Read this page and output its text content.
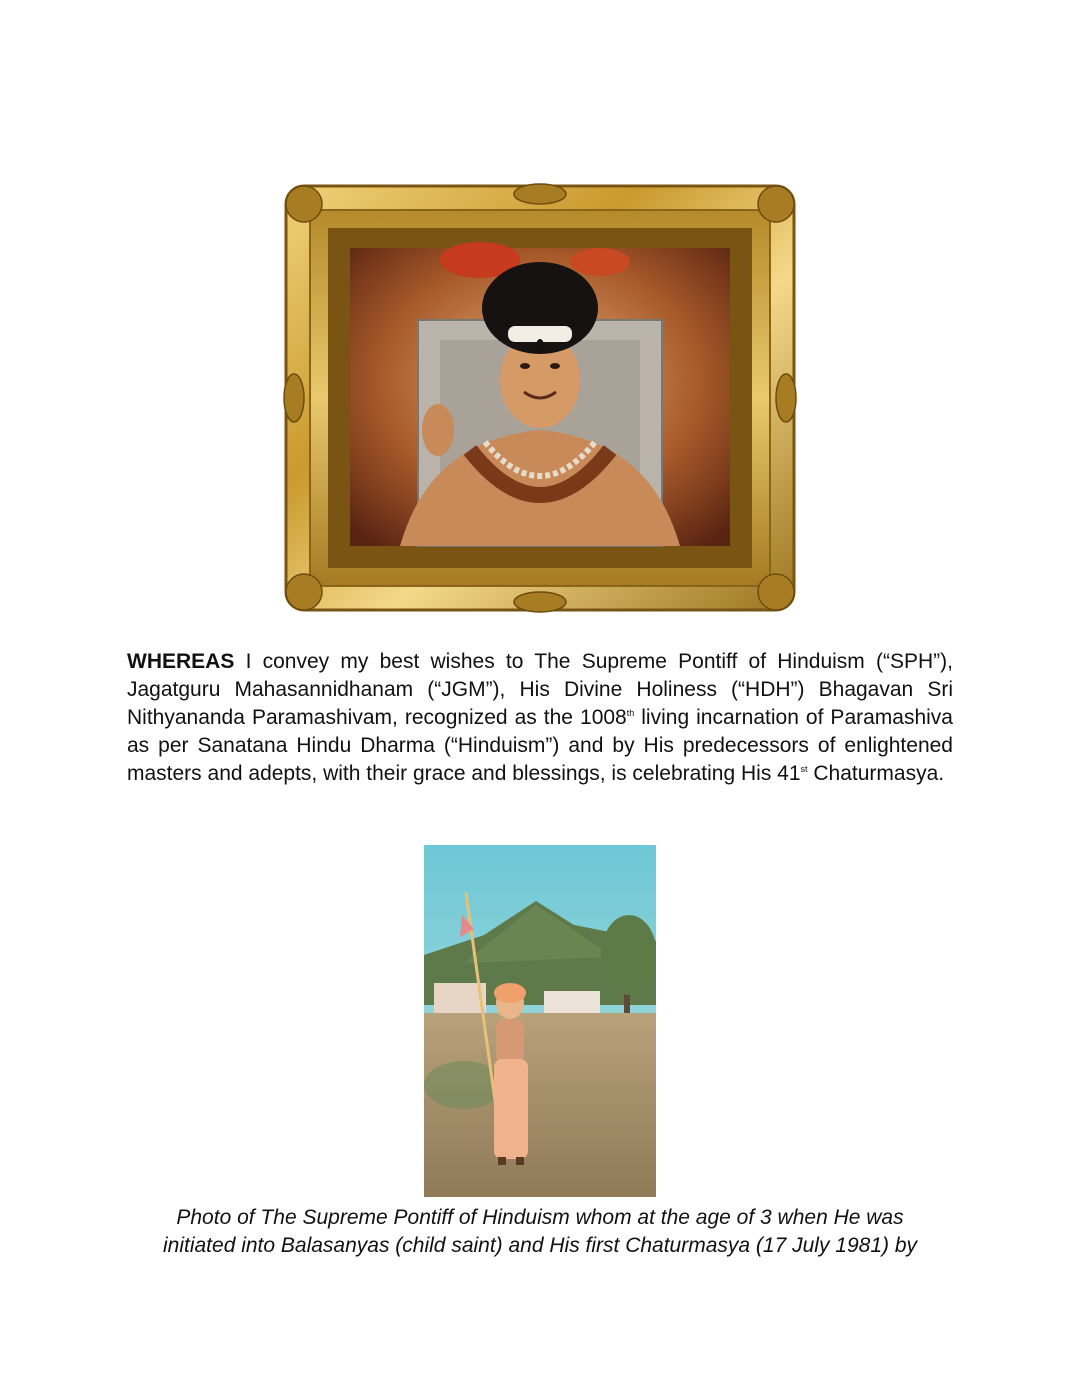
WHEREAS I convey my best wishes to The Supreme Pontiff of Hinduism (“SPH”), Jagatguru Mahasannidhanam (“JGM”), His Divine Holiness (“HDH”) Bhagavan Sri Nithyananda Paramashivam, recognized as the 1008th living incarnation of Paramashiva as per Sanatana Hindu Dharma (“Hinduism”) and by His predecessors of enlightened masters and adepts, with their grace and blessings, is celebrating His 41st Chaturmasya.
Photo of The Supreme Pontiff of Hinduism whom at the age of 3 when He was
initiated into Balasanyas (child saint) and His first Chaturmasya (17 July 1981) by
